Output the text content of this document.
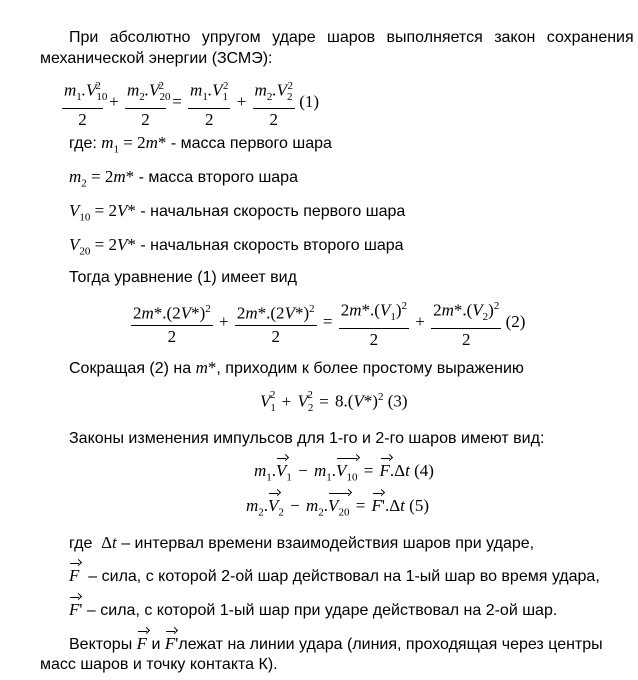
При абсолютно упругом ударе шаров выполняется закон сохранения
механической энергии (ЗСМЭ):
$\frac{m_1.V_{10}^2}{2} + \frac{m_2.V_{20}^2}{2} = \frac{m_1.V_1^2}{2} + \frac{m_2.V_2^2}{2} (1)$
где: $m_1 = 2m*$ - масса первого шара
$m_2 = 2m*$ - масса второго шара
$V_{10} = 2V*$ - начальная скорость первого шара
$V_{20} = 2V*$ - начальная скорость второго шара
Тогда уравнение (1) имеет вид
$\frac{2m*.(2V*)^2}{2} + \frac{2m*.(2V*)^2}{2} = \frac{2m*.(V_1)^2}{2} + \frac{2m*.(V_2)^2}{2} (2)$
Сокращая (2) на m*, приходим к более простому выражению
$V_1^2 + V_2^2 = 8.(V*)^2$ (3)
Законы изменения импульсов для 1-го и 2-го шаров имеют вид:
$m_1.V_1 - m_1.V_{10} = F.\Delta t$ (4)
$m_2.V_2 - m_2.V_{20} = F'.\Delta t$ (5)
где  Δt – интервал времени взаимодействия шаров при ударе,
F – сила, с которой 2-ой шар действовал на 1-ый шар во время удара,
F' – сила, с которой 1-ый шар при ударе действовал на 2-ой шар.
Векторы F и F'лежат на линии удара (линия, проходящая через центры
масс шаров и точку контакта К).
